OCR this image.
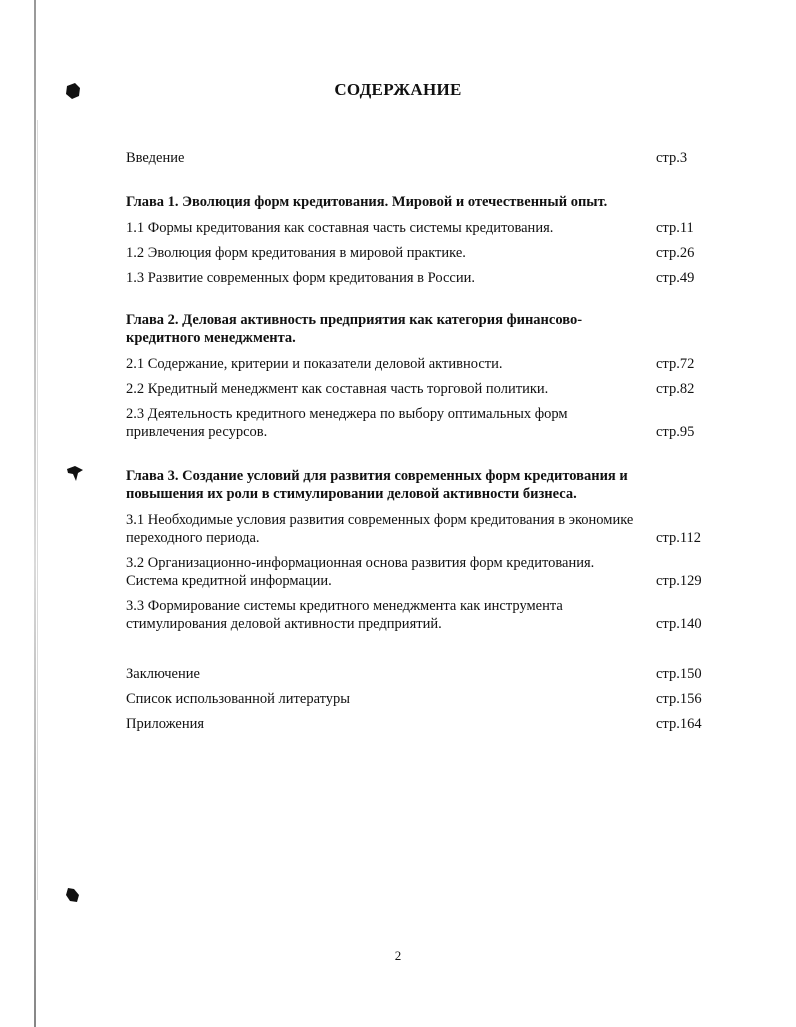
СОДЕРЖАНИЕ
Введение	стр.3
Глава 1. Эволюция форм кредитования. Мировой и отечественный опыт.
1.1 Формы кредитования как составная часть системы кредитования.	стр.11
1.2 Эволюция форм кредитования в мировой практике.	стр.26
1.3 Развитие современных форм кредитования в России.	стр.49
Глава 2. Деловая активность предприятия как категория финансово-кредитного менеджмента.
2.1 Содержание, критерии и показатели деловой активности.	стр.72
2.2 Кредитный менеджмент как составная часть торговой политики.	стр.82
2.3 Деятельность кредитного менеджера по выбору оптимальных форм привлечения ресурсов.	стр.95
Глава 3. Создание условий для развития современных форм кредитования и повышения их роли в стимулировании деловой активности бизнеса.
3.1 Необходимые условия развития современных форм кредитования в экономике переходного периода.	стр.112
3.2 Организационно-информационная основа развития форм кредитования. Система кредитной информации.	стр.129
3.3 Формирование системы кредитного менеджмента как инструмента стимулирования деловой активности предприятий.	стр.140
Заключение	стр.150
Список использованной литературы	стр.156
Приложения	стр.164
2
